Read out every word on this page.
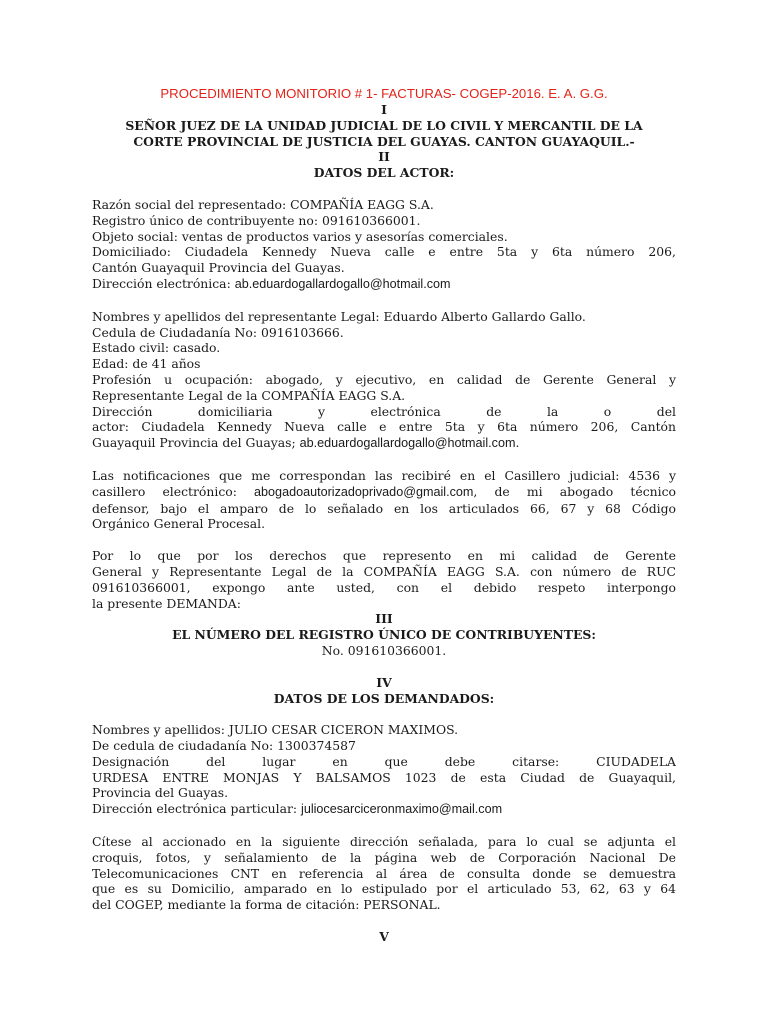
PROCEDIMIENTO MONITORIO # 1- FACTURAS- COGEP-2016. E. A. G.G.
I
SEÑOR JUEZ DE LA UNIDAD JUDICIAL DE LO CIVIL Y MERCANTIL DE LA
CORTE PROVINCIAL DE JUSTICIA DEL GUAYAS. CANTON GUAYAQUIL.-
II
DATOS DEL ACTOR:
Razón social del representado: COMPAÑÍA EAGG S.A.
Registro único de contribuyente no: 091610366001.
Objeto social: ventas de productos varios y asesorías comerciales.
Domiciliado: Ciudadela Kennedy Nueva calle e entre 5ta y 6ta número 206,
Cantón Guayaquil Provincia del Guayas.
Dirección electrónica: ab.eduardogallardogallo@hotmail.com
Nombres y apellidos del representante Legal: Eduardo Alberto Gallardo Gallo.
Cedula de Ciudadanía No: 0916103666.
Estado civil: casado.
Edad: de 41 años
Profesión u ocupación: abogado, y ejecutivo, en calidad de Gerente General y
Representante Legal de la COMPAÑÍA EAGG S.A.
Dirección domiciliaria y electrónica de la o del
actor: Ciudadela Kennedy Nueva calle e entre 5ta y 6ta número 206, Cantón
Guayaquil Provincia del Guayas; ab.eduardogallardogallo@hotmail.com.
Las notificaciones que me correspondan las recibiré en el Casillero judicial: 4536 y
casillero electrónico: abogadoautorizadoprivado@gmail.com, de mi abogado técnico
defensor, bajo el amparo de lo señalado en los articulados 66, 67 y 68 Código
Orgánico General Procesal.
Por lo que por los derechos que represento en mi calidad de Gerente
General y Representante Legal de la COMPAÑÍA EAGG S.A. con número de RUC
091610366001, expongo ante usted, con el debido respeto interpongo
la presente DEMANDA:
III
EL NÚMERO DEL REGISTRO ÚNICO DE CONTRIBUYENTES:
No. 091610366001.
IV
DATOS DE LOS DEMANDADOS:
Nombres y apellidos: JULIO CESAR CICERON MAXIMOS.
De cedula de ciudadanía No: 1300374587
Designación del lugar en que debe citarse: CIUDADELA
URDESA ENTRE MONJAS Y BALSAMOS 1023 de esta Ciudad de Guayaquil,
Provincia del Guayas.
Dirección electrónica particular: juliocesarciceronmaximo@mail.com
Cítese al accionado en la siguiente dirección señalada, para lo cual se adjunta el
croquis, fotos, y señalamiento de la página web de Corporación Nacional De
Telecomunicaciones CNT en referencia al área de consulta donde se demuestra
que es su Domicilio, amparado en lo estipulado por el articulado 53, 62, 63 y 64
del COGEP, mediante la forma de citación: PERSONAL.
V
